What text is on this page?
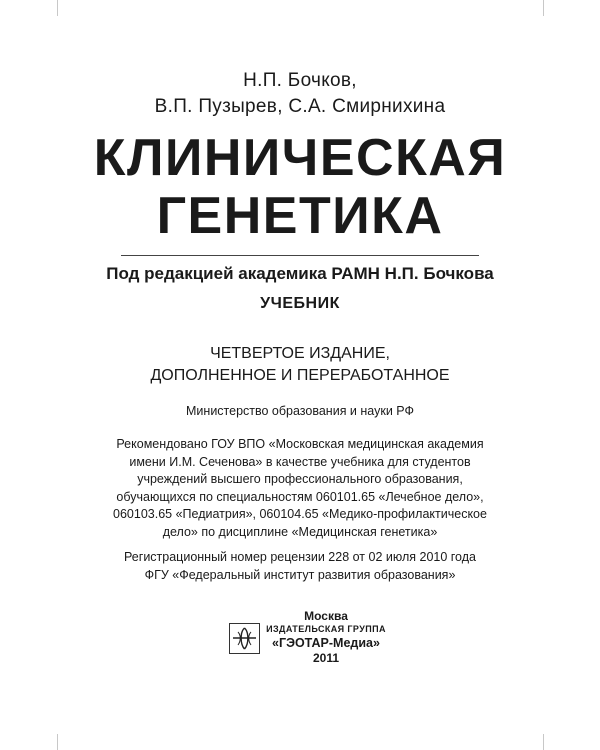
Н.П. Бочков,
В.П. Пузырев, С.А. Смирнихина
КЛИНИЧЕСКАЯ
ГЕНЕТИКА
Под редакцией академика РАМН Н.П. Бочкова
УЧЕБНИК
ЧЕТВЕРТОЕ ИЗДАНИЕ,
ДОПОЛНЕННОЕ И ПЕРЕРАБОТАННОЕ
Министерство образования и науки РФ
Рекомендовано ГОУ ВПО «Московская медицинская академия
имени И.М. Сеченова» в качестве учебника для студентов
учреждений высшего профессионального образования,
обучающихся по специальностям 060101.65 «Лечебное дело»,
060103.65 «Педиатрия», 060104.65 «Медико-профилактическое
дело» по дисциплине «Медицинская генетика»
Регистрационный номер рецензии 228 от 02 июля 2010 года
ФГУ «Федеральный институт развития образования»
Москва
ИЗДАТЕЛЬСКАЯ ГРУППА
«ГЭОТАР-Медиа»
2011
